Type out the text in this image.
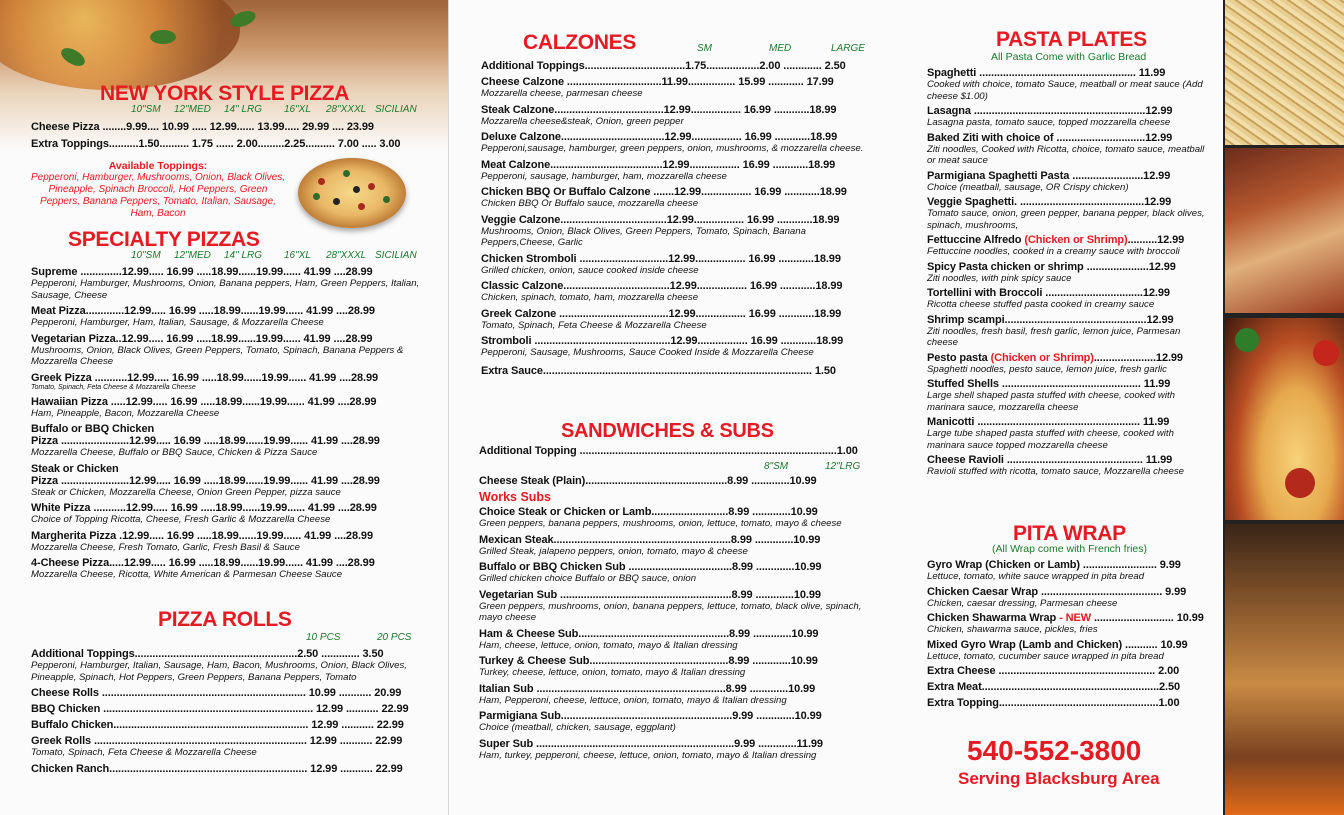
NEW YORK STYLE PIZZA
10"SM 12"MED 14" LRG 16"XL 28"XXXL SICILIAN
Cheese Pizza ........9.99.... 10.99 ..... 12.99...... 13.99..... 29.99 .... 23.99
Extra Toppings..........1.50.......... 1.75 ...... 2.00.........2.25.......... 7.00 ..... 3.00
Available Toppings:
Pepperoni, Hamburger, Mushrooms, Onion, Black Olives, Pineapple, Spinach Broccoli, Hot Peppers, Green Peppers, Banana Peppers, Tomato, Italian, Sausage, Ham, Bacon
SPECIALTY PIZZAS
10"SM 12"MED 14" LRG 16"XL 28"XXXL SICILIAN
Supreme ..............12.99..... 16.99 .....18.99......19.99...... 41.99 ....28.99
Pepperoni, Hamburger, Mushrooms, Onion, Banana peppers, Ham, Green Peppers, Italian, Sausage, Cheese
Meat Pizza.............12.99..... 16.99 .....18.99......19.99...... 41.99 ....28.99
Pepperoni, Hamburger, Ham, Italian, Sausage, & Mozzarella Cheese
Vegetarian Pizza..12.99..... 16.99 .....18.99......19.99...... 41.99 ....28.99
Mushrooms, Onion, Black Olives, Green Peppers, Tomato, Spinach, Banana Peppers & Mozzarella Cheese
Greek Pizza ...........12.99..... 16.99 .....18.99......19.99...... 41.99 ....28.99
Tomato, Spinach, Feta Cheese & Mozzarella Cheese
Hawaiian Pizza .....12.99..... 16.99 .....18.99......19.99...... 41.99 ....28.99
Ham, Pineapple, Bacon, Mozzarella Cheese
Buffalo or BBQ Chicken
Pizza .......................12.99..... 16.99 .....18.99......19.99...... 41.99 ....28.99
Mozzarella Cheese, Buffalo or BBQ Sauce, Chicken & Pizza Sauce
Steak or Chicken
Pizza .......................12.99..... 16.99 .....18.99......19.99...... 41.99 ....28.99
Steak or Chicken, Mozzarella Cheese, Onion Green Pepper, pizza sauce
White Pizza ...........12.99..... 16.99 .....18.99......19.99...... 41.99 ....28.99
Choice of Topping Ricotta, Cheese, Fresh Garlic & Mozzarella Cheese
Margherita Pizza .12.99..... 16.99 .....18.99......19.99...... 41.99 ....28.99
Mozzarella Cheese, Fresh Tomato, Garlic, Fresh Basil & Sauce
4-Cheese Pizza.....12.99..... 16.99 .....18.99......19.99...... 41.99 ....28.99
Mozzarella Cheese, Ricotta, White American & Parmesan Cheese Sauce
PIZZA ROLLS
10 PCS	20 PCS
Additional Toppings.......................................................2.50 ............. 3.50
Pepperoni, Hamburger, Italian, Sausage, Ham, Bacon, Mushrooms, Onion, Black Olives, Pineapple, Spinach, Hot Peppers, Green Peppers, Banana Peppers, Tomato
Cheese Rolls ..................................................................... 10.99 ........... 20.99
BBQ Chicken ....................................................................... 12.99 ........... 22.99
Buffalo Chicken.................................................................. 12.99 ........... 22.99
Greek Rolls ........................................................................ 12.99 ........... 22.99
Tomato, Spinach, Feta Cheese & Mozzarella Cheese
Chicken Ranch................................................................... 12.99 ........... 22.99
CALZONES	SM	MED	LARGE
Additional Toppings..................................1.75..................2.00 ............. 2.50
Cheese Calzone ................................11.99................ 15.99 ............ 17.99
Mozzarella cheese, parmesan cheese
Steak Calzone.....................................12.99................. 16.99 ............18.99
Mozzarella cheese&steak, Onion, green pepper
Deluxe Calzone...................................12.99................. 16.99 ............18.99
Pepperoni,sausage, hamburger, green peppers, onion, mushrooms, & mozzarella cheese.
Meat Calzone......................................12.99................. 16.99 ............18.99
Pepperoni, sausage, hamburger, ham, mozzarella cheese
Chicken BBQ Or Buffalo Calzone .......12.99................. 16.99 ............18.99
Chicken BBQ Or Buffalo sauce, mozzarella cheese
Veggie Calzone....................................12.99................. 16.99 ............18.99
Mushrooms, Onion, Black Olives, Green Peppers, Tomato, Spinach, Banana Peppers,Cheese, Garlic
Chicken Stromboli ..............................12.99................. 16.99 ............18.99
Grilled chicken, onion, sauce cooked inside cheese
Classic Calzone....................................12.99................. 16.99 ............18.99
Chicken, spinach, tomato, ham, mozzarella cheese
Greek Calzone .....................................12.99................. 16.99 ............18.99
Tomato, Spinach, Feta Cheese & Mozzarella Cheese
Stromboli ..............................................12.99................. 16.99 ............18.99
Pepperoni, Sausage, Mushrooms, Sauce Cooked Inside & Mozzarella Cheese
Extra Sauce........................................................................................... 1.50
SANDWICHES & SUBS
Additional Topping .......................................................................................1.00
8"SM	12"LRG
Cheese Steak (Plain)................................................8.99 .............10.99
Works Subs
Choice Steak or Chicken or Lamb..........................8.99 .............10.99
Green peppers, banana peppers, mushrooms, onion, lettuce, tomato, mayo & cheese
Mexican Steak............................................................8.99 .............10.99
Grilled Steak, jalapeno peppers, onion, tomato, mayo & cheese
Buffalo or BBQ Chicken Sub ...................................8.99 .............10.99
Grilled chicken choice Buffalo or BBQ sauce, onion
Vegetarian Sub ..........................................................8.99 .............10.99
Green peppers, mushrooms, onion, banana peppers, lettuce, tomato, black olive, spinach, mayo cheese
Ham & Cheese Sub...................................................8.99 .............10.99
Ham, cheese, lettuce, onion, tomato, mayo & Italian dressing
Turkey & Cheese Sub...............................................8.99 .............10.99
Turkey, cheese, lettuce, onion, tomato, mayo & Italian dressing
Italian Sub ................................................................8.99 .............10.99
Ham, Pepperoni, cheese, lettuce, onion, tomato, mayo & Italian dressing
Parmigiana Sub..........................................................9.99 .............10.99
Choice (meatball, chicken, sausage, eggplant)
Super Sub ...................................................................9.99 .............11.99
Ham, turkey, pepperoni, cheese, lettuce, onion, tomato, mayo & Italian dressing
PASTA PLATES
All Pasta Come with Garlic Bread
Spaghetti ..................................................... 11.99
Cooked with choice, tomato Sauce, meatball or meat sauce (Add cheese $1.00)
Lasagna ..........................................................12.99
Lasagna pasta, tomato sauce, topped mozzarella cheese
Baked Ziti with choice of ..............................12.99
Ziti noodles, Cooked with Ricotta, choice, tomato sauce, meatball or meat sauce
Parmigiana Spaghetti Pasta ........................12.99
Choice (meatball, sausage, OR Crispy chicken)
Veggie Spaghetti. ..........................................12.99
Tomato sauce, onion, green pepper, banana pepper, black olives, spinach, mushrooms,
Fettuccine Alfredo (Chicken or Shrimp)..........12.99
Fettuccine noodles, cooked in a creamy sauce with broccoli
Spicy Pasta chicken or shrimp .....................12.99
Ziti noodles, with pink spicy sauce
Tortellini with Broccoli .................................12.99
Ricotta cheese stuffed pasta cooked in creamy sauce
Shrimp scampi................................................12.99
Ziti noodles, fresh basil, fresh garlic, lemon juice, Parmesan cheese
Pesto pasta (Chicken or Shrimp).....................12.99
Spaghetti noodles, pesto sauce, lemon juice, fresh garlic
Stuffed Shells ............................................... 11.99
Large shell shaped pasta stuffed with cheese, cooked with marinara sauce, mozzarella cheese
Manicotti ....................................................... 11.99
Large tube shaped pasta stuffed with cheese, cooked with marinara sauce topped mozzarella cheese
Cheese Ravioli .............................................. 11.99
Ravioli stuffed with ricotta, tomato sauce, Mozzarella cheese
PITA WRAP
(All Wrap come with French fries)
Gyro Wrap (Chicken or Lamb) ......................... 9.99
Lettuce, tomato, white sauce wrapped in pita bread
Chicken Caesar Wrap ......................................... 9.99
Chicken, caesar dressing, Parmesan cheese
Chicken Shawarma Wrap - NEW ........................... 10.99
Chicken, shawarma sauce, pickles, fries
Mixed Gyro Wrap (Lamb and Chicken) ........... 10.99
Lettuce, tomato, cucumber sauce wrapped in pita bread
Extra Cheese ..................................................... 2.00
Extra Meat............................................................2.50
Extra Topping......................................................1.00
540-552-3800
Serving Blacksburg Area
